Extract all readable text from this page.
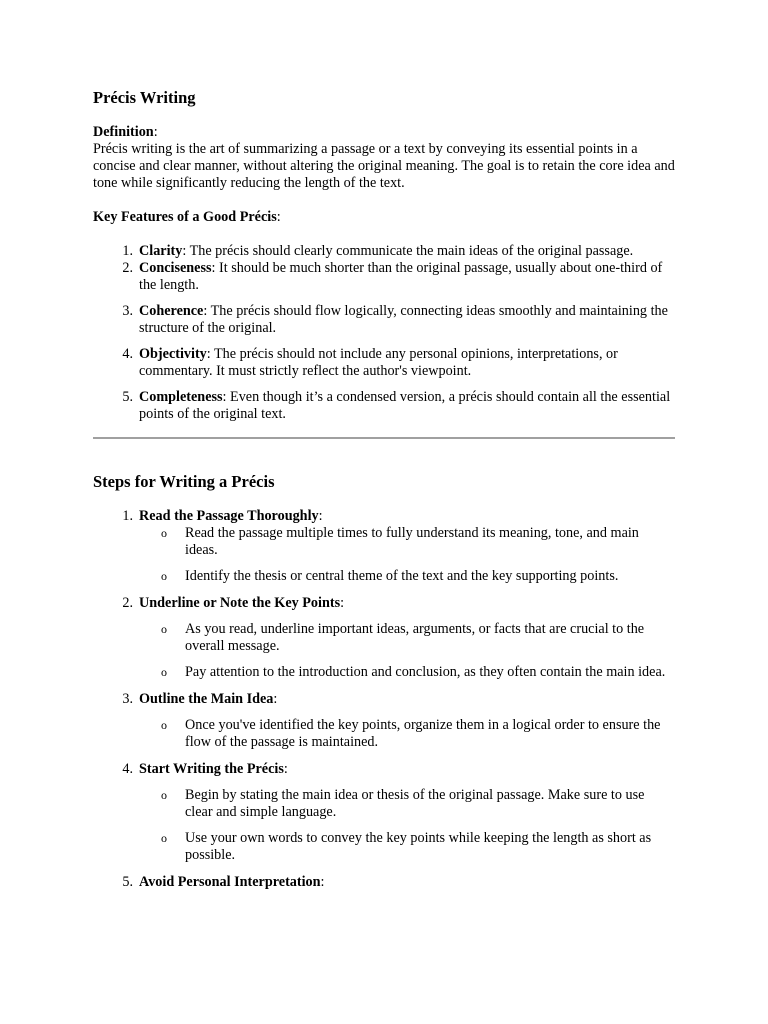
Précis Writing
Definition:

Précis writing is the art of summarizing a passage or a text by conveying its essential points in a concise and clear manner, without altering the original meaning. The goal is to retain the core idea and tone while significantly reducing the length of the text.

Key Features of a Good Précis:
1. Clarity: The précis should clearly communicate the main ideas of the original passage.
2. Conciseness: It should be much shorter than the original passage, usually about one-third of the length.
3. Coherence: The précis should flow logically, connecting ideas smoothly and maintaining the structure of the original.
4. Objectivity: The précis should not include any personal opinions, interpretations, or commentary. It must strictly reflect the author's viewpoint.
5. Completeness: Even though it’s a condensed version, a précis should contain all the essential points of the original text.
Steps for Writing a Précis
1. Read the Passage Thoroughly:
o Read the passage multiple times to fully understand its meaning, tone, and main ideas.
o Identify the thesis or central theme of the text and the key supporting points.
2. Underline or Note the Key Points:
o As you read, underline important ideas, arguments, or facts that are crucial to the overall message.
o Pay attention to the introduction and conclusion, as they often contain the main idea.
3. Outline the Main Idea:
o Once you've identified the key points, organize them in a logical order to ensure the flow of the passage is maintained.
4. Start Writing the Précis:
o Begin by stating the main idea or thesis of the original passage. Make sure to use clear and simple language.
o Use your own words to convey the key points while keeping the length as short as possible.
5. Avoid Personal Interpretation:
